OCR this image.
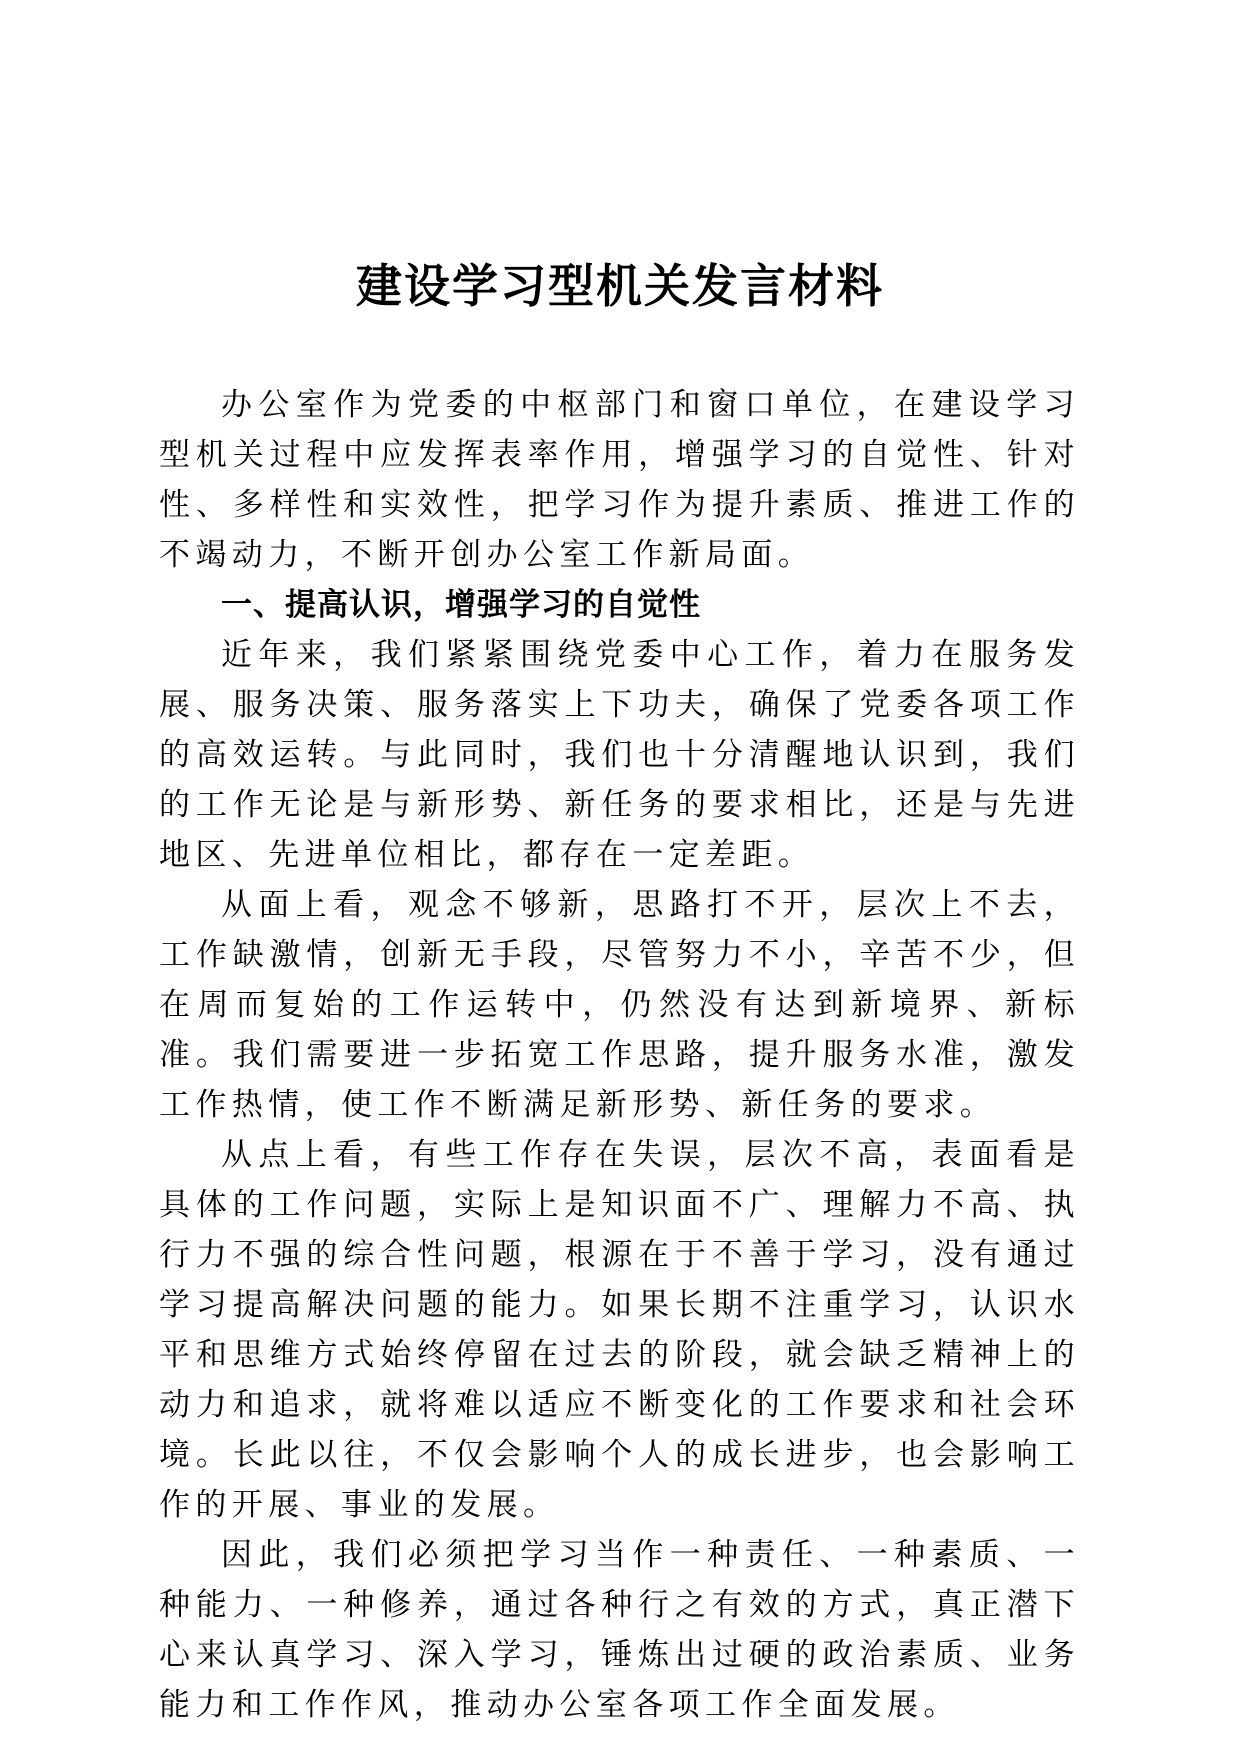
建设学习型机关发言材料

办公室作为党委的中枢部门和窗口单位，在建设学习型机关过程中应发挥表率作用，增强学习的自觉性、针对性、多样性和实效性，把学习作为提升素质、推进工作的不竭动力，不断开创办公室工作新局面。

一、提高认识，增强学习的自觉性

近年来，我们紧紧围绕党委中心工作，着力在服务发展、服务决策、服务落实上下功夫，确保了党委各项工作的高效运转。与此同时，我们也十分清醒地认识到，我们的工作无论是与新形势、新任务的要求相比，还是与先进地区、先进单位相比，都存在一定差距。

从面上看，观念不够新，思路打不开，层次上不去，工作缺激情，创新无手段，尽管努力不小，辛苦不少，但在周而复始的工作运转中，仍然没有达到新境界、新标准。我们需要进一步拓宽工作思路，提升服务水准，激发工作热情，使工作不断满足新形势、新任务的要求。

从点上看，有些工作存在失误，层次不高，表面看是具体的工作问题，实际上是知识面不广、理解力不高、执行力不强的综合性问题，根源在于不善于学习，没有通过学习提高解决问题的能力。如果长期不注重学习，认识水平和思维方式始终停留在过去的阶段，就会缺乏精神上的动力和追求，就将难以适应不断变化的工作要求和社会环境。长此以往，不仅会影响个人的成长进步，也会影响工作的开展、事业的发展。

因此，我们必须把学习当作一种责任、一种素质、一种能力、一种修养，通过各种行之有效的方式，真正潜下心来认真学习、深入学习，锤炼出过硬的政治素质、业务能力和工作作风，推动办公室各项工作全面发展。
